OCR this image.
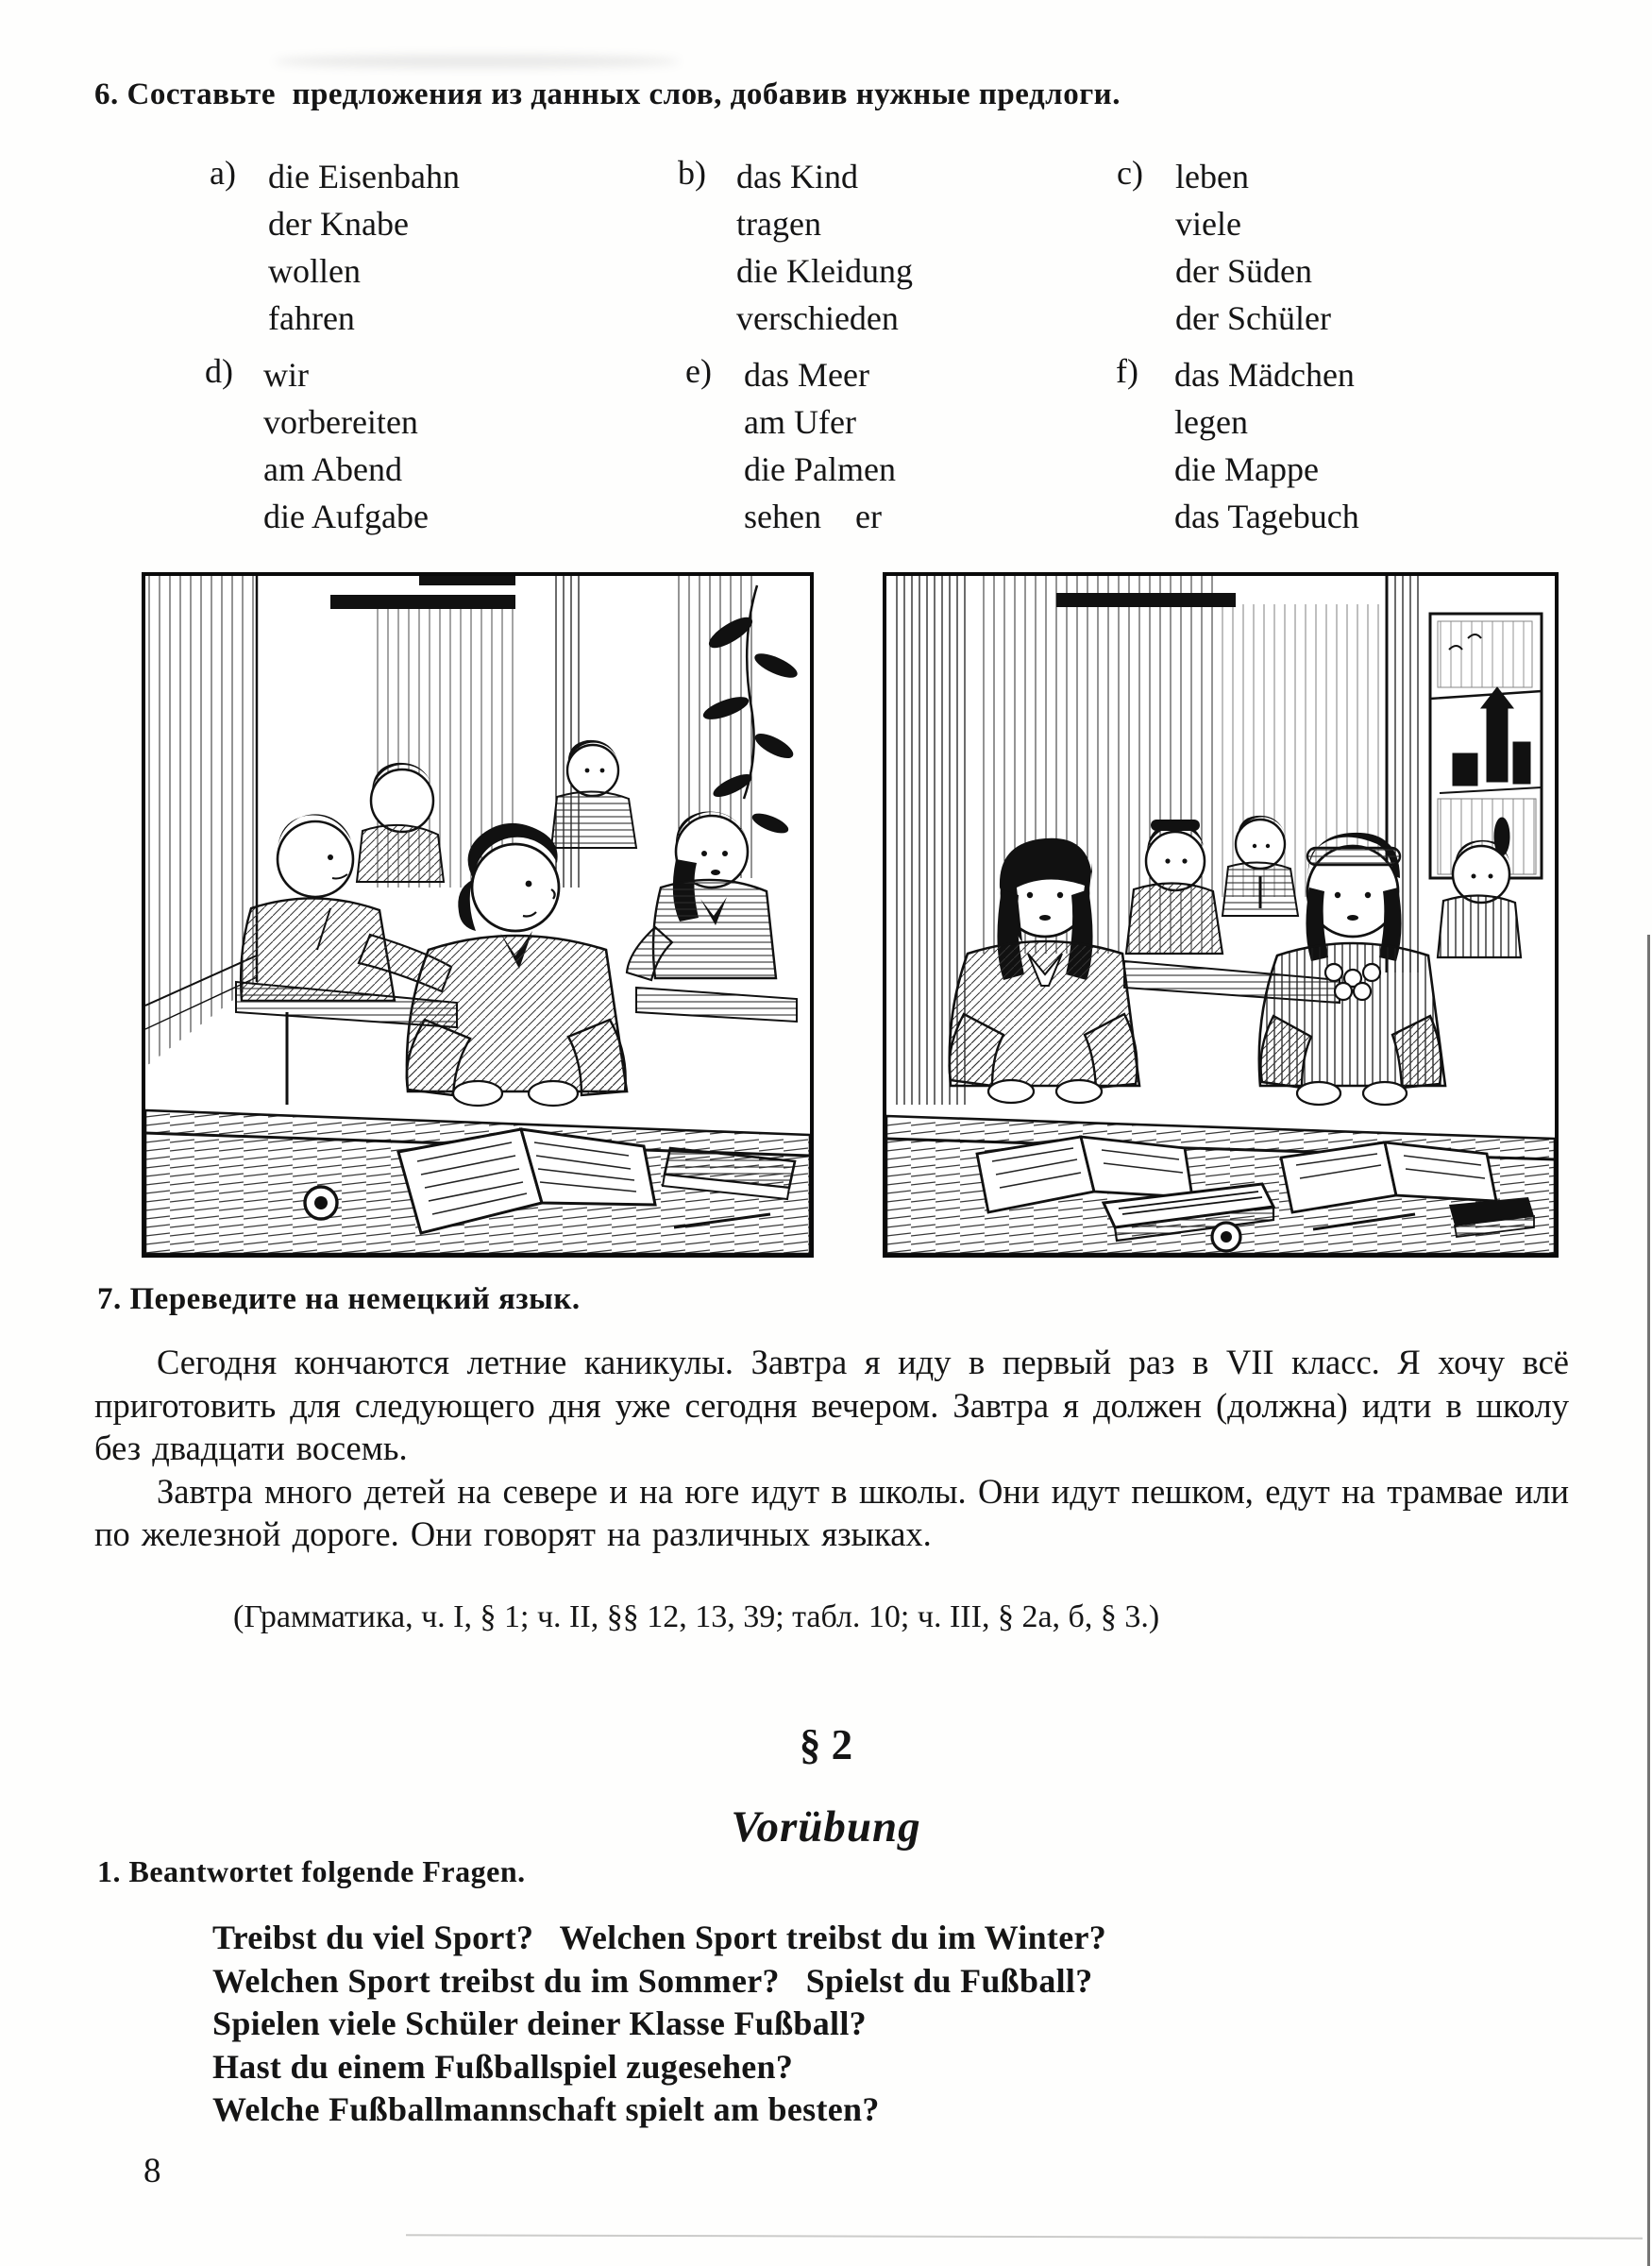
6. Составьте  предложения из данных слов, добавив нужные предлоги.
a) die Eisenbahn
der Knabe
wollen
fahren
b) das Kind
tragen
die Kleidung
verschieden
c) leben
viele
der Süden
der Schüler
d) wir
vorbereiten
am Abend
die Aufgabe
e) das Meer
am Ufer
die Palmen
sehen    er
f)	das Mädchen
legen
die Mappe
das Tagebuch
7. Переведите на немецкий язык.

Сегодня кончаются летние каникулы. Завтра я иду в первый раз в VII класс. Я хочу всё приготовить для следующего дня уже сегодня вечером. Завтра я должен (должна) идти в школу без двадцати восемь.

Завтра много детей на севере и на юге идут в школы. Они идут пешком, едут на трамвае или по железной дороге. Они говорят на различных языках.

(Грамматика, ч. I, § 1; ч. II, §§ 12, 13, 39; табл. 10; ч. III, § 2а, б, § 3.)
§ 2
Vorübung
1. Beantwortet folgende Fragen.
Treibst du viel Sport?   Welchen Sport treibst du im Winter?
Welchen Sport treibst du im Sommer?   Spielst du Fußball?
Spielen viele Schüler deiner Klasse Fußball?
Hast du einem Fußballspiel zugesehen?
Welche Fußballmannschaft spielt am besten?
8
